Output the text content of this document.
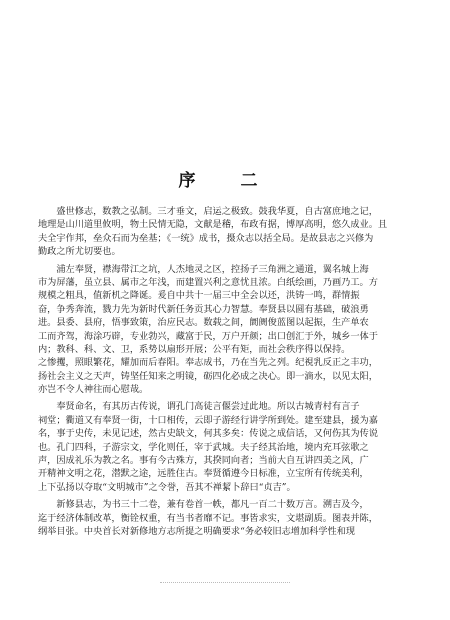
序　二
　　盛世修志，数教之弘制。三才垂文，启运之极致。鼓我华夏，自古富庶地之记，
地理是山川道里攸明，物土民情无隐，文献是稽，布政有据，博厚高明，悠久成业。且
夫全宇作邦，垒众石而为垒基；《一统》成书，摄众志以括全局。是故县志之兴修为
勤政之所尤切要也。
　　浦左奉贤，襟海带江之坑，人杰地灵之区，控扬子三角洲之通道，翼名城上海
市为屏藩，虽立县、属市之年浅，而建置兴利之意忧且浓。白纸绘画，乃画乃工。方
规模之粗具，值新机之降诞。爰自中共十一届三中全会以还，洪铸一鸣，群情振
奋，争秀奔流，戮力先为新时代新任务贡其心力智慧。奉贤县以圆有基础，破浪勇
进。县委、县府，悟事致策，治应民志。数载之间，阛阓俊蓝图以起振，生产单农
工而齐驾，海涂巧辟，专业勃兴，藏富于民，万户开颜；出口创汇于外，城乡一体于
内；教科、科、文、卫，系势以扇形开展；公平有矩，而社会秩序得以保持。
之惨攫，照眼繁花，耀加而后春阳。奉志成书，乃在当先之列。纪視乳反正之丰功，
扬社会主义之天声，铸坚任知来之明镜，砺四化必成之决心。即一滴水，以见太阳，
亦岂不令人神往而心慰哉。
　　奉贤命名，有其历古传说，谓孔门高徒言偃尝过此地。所以古城青村有言子
祠堂；衢道又有奉贤一街，十口相传，云即子游经行讲学所到处。建至建县，援为嘉
名，事于史传，未见记述，然古史缺文，何其多矣：传说之成信话，又何伤其为传说
也。孔门四科，子游宗文，学化则任，宰于武城。夫子经其治地，境内充耳弦歌之
声，因成礼乐为教之名。事有今古殊方，其揆同向者；当前大自互讲四美之风，广
开精神文明之花，潜默之途，远胜住古。奉贤循遵今日标准，立宝所有传统美利，
上下弘扬以夺取“文明城市”之令誉，吾其不禅絜卜辞曰“贞吉”。
　　新修县志，为书三十二卷，兼有卷首一帙，都凡一百二十数万言。溯吉及今，
迄于经济体制改革，衡铨权重，有当书者靡不记。事皆求实，文堪副质。图表并陈，
纲举目张。中央首长对新修地方志所提之明确要求“务必较旧志增加科学性和现
